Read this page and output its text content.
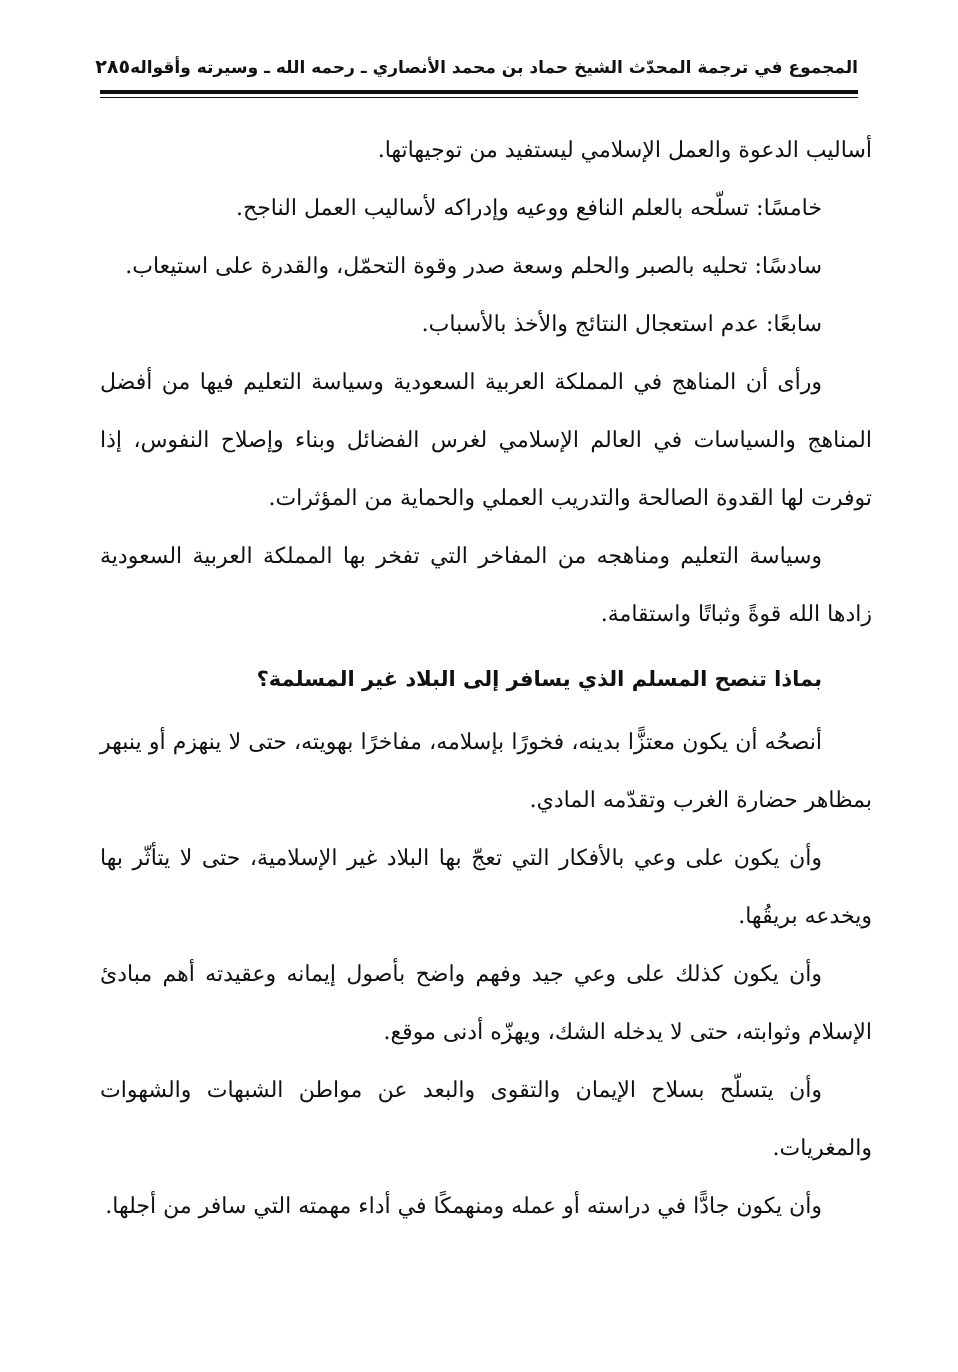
المجموع في ترجمة المحدّث الشيخ حماد بن محمد الأنصاري ـ رحمه الله ـ وسيرته وأقواله
٢٨٥

أساليب الدعوة والعمل الإسلامي ليستفيد من توجيهاتها.

خامسًا: تسلّحه بالعلم النافع ووعيه وإدراكه لأساليب العمل الناجح.

سادسًا: تحليه بالصبر والحلم وسعة صدر وقوة التحمّل، والقدرة على استيعاب.

سابعًا: عدم استعجال النتائج والأخذ بالأسباب.

ورأى أن المناهج في المملكة العربية السعودية وسياسة التعليم فيها من أفضل المناهج والسياسات في العالم الإسلامي لغرس الفضائل وبناء وإصلاح النفوس، إذا توفرت لها القدوة الصالحة والتدريب العملي والحماية من المؤثرات.

وسياسة التعليم ومناهجه من المفاخر التي تفخر بها المملكة العربية السعودية زادها الله قوةً وثباتًا واستقامة.

بماذا تنصح المسلم الذي يسافر إلى البلاد غير المسلمة؟

أنصحُه أن يكون معتزًّا بدينه، فخورًا بإسلامه، مفاخرًا بهويته، حتى لا ينهزم أو ينبهر بمظاهر حضارة الغرب وتقدّمه المادي.

وأن يكون على وعي بالأفكار التي تعجّ بها البلاد غير الإسلامية، حتى لا يتأثّر بها ويخدعه بريقُها.

وأن يكون كذلك على وعي جيد وفهم واضح بأصول إيمانه وعقيدته أهم مبادئ الإسلام وثوابته، حتى لا يدخله الشك، ويهزّه أدنى موقع.

وأن يتسلّح بسلاح الإيمان والتقوى والبعد عن مواطن الشبهات والشهوات والمغريات.

وأن يكون جادًّا في دراسته أو عمله ومنهمكًا في أداء مهمته التي سافر من أجلها.
